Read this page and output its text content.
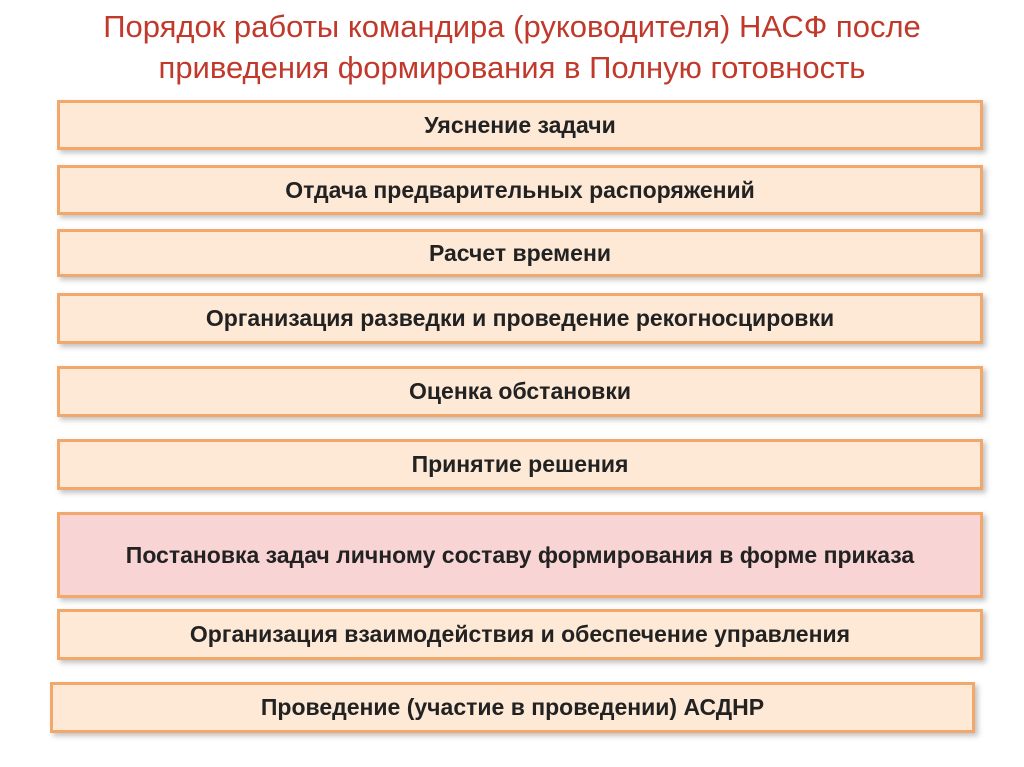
Порядок работы командира (руководителя) НАСФ после
приведения формирования в Полную готовность
Уяснение задачи
Отдача предварительных распоряжений
Расчет времени
Организация разведки и проведение рекогносцировки
Оценка обстановки
Принятие решения
Постановка задач личному составу формирования в форме приказа
Организация взаимодействия и обеспечение управления
Проведение (участие в проведении) АСДНР
